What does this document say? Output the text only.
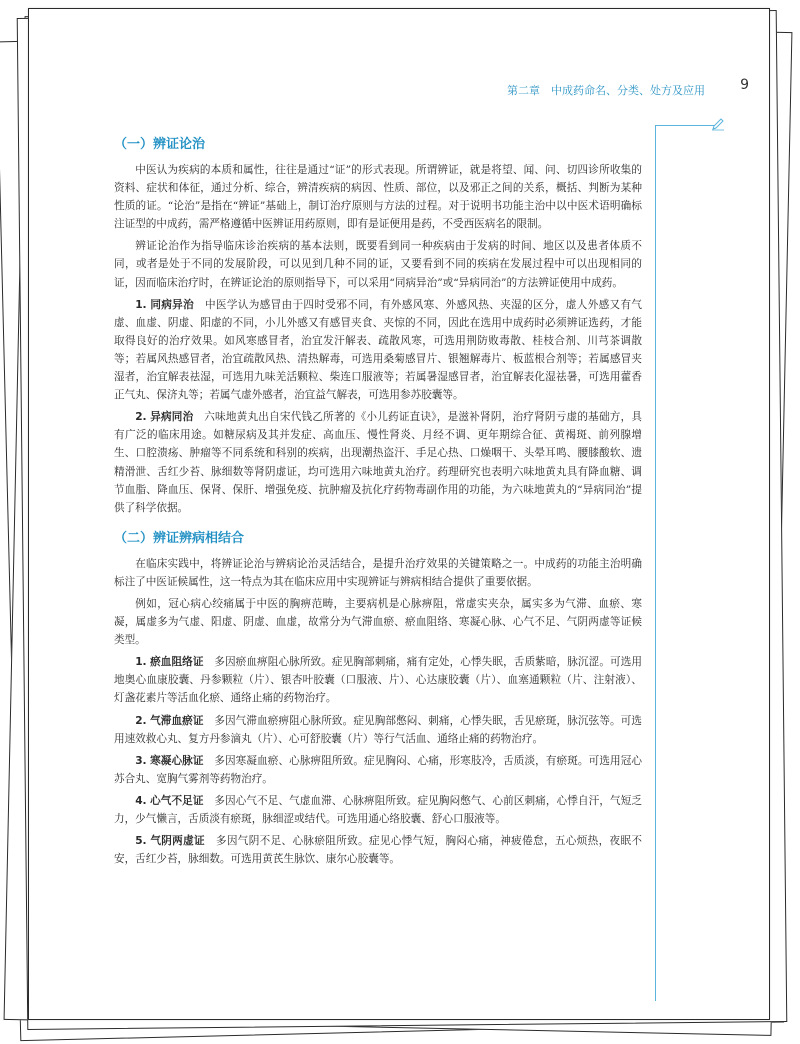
第二章　中成药命名、分类、处方及应用	9
（一）辨证论治

中医认为疾病的本质和属性，往往是通过“证”的形式表现。所谓辨证，就是将望、闻、问、切四诊所收集的资料、症状和体征，通过分析、综合，辨清疾病的病因、性质、部位，以及邪正之间的关系，概括、判断为某种性质的证。“论治”是指在“辨证”基础上，制订治疗原则与方法的过程。对于说明书功能主治中以中医术语明确标注证型的中成药，需严格遵循中医辨证用药原则，即有是证便用是药，不受西医病名的限制。

辨证论治作为指导临床诊治疾病的基本法则，既要看到同一种疾病由于发病的时间、地区以及患者体质不同，或者是处于不同的发展阶段，可以见到几种不同的证，又要看到不同的疾病在发展过程中可以出现相同的证，因而临床治疗时，在辨证论治的原则指导下，可以采用“同病异治”或“异病同治”的方法辨证使用中成药。

1. 同病异治　 中医学认为感冒由于四时受邪不同，有外感风寒、外感风热、夹湿的区分，虚人外感又有气虚、血虚、阴虚、阳虚的不同，小儿外感又有感冒夹食、夹惊的不同，因此在选用中成药时必须辨证选药，才能取得良好的治疗效果。如风寒感冒者，治宜发汗解表、疏散风寒，可选用荆防败毒散、桂枝合剂、川芎茶调散等；若属风热感冒者，治宜疏散风热、清热解毒，可选用桑菊感冒片、银翘解毒片、板蓝根合剂等；若属感冒夹湿者，治宜解表祛湿，可选用九味羌活颗粒、柴连口服液等；若属暑湿感冒者，治宜解表化湿祛暑，可选用藿香正气丸、保济丸等；若属气虚外感者，治宜益气解表，可选用参苏胶囊等。

2. 异病同治　 六味地黄丸出自宋代钱乙所著的《小儿药证直诀》，是滋补肾阴，治疗肾阴亏虚的基础方，具有广泛的临床用途。如糖尿病及其并发症、高血压、慢性肾炎、月经不调、更年期综合征、黄褐斑、前列腺增生、口腔溃疡、肿瘤等不同系统和科别的疾病，出现潮热盗汗、手足心热、口燥咽干、头晕耳鸣、腰膝酸软、遗精滑泄、舌红少苔、脉细数等肾阴虚证，均可选用六味地黄丸治疗。药理研究也表明六味地黄丸具有降血糖、调节血脂、降血压、保肾、保肝、增强免疫、抗肿瘤及抗化疗药物毒副作用的功能，为六味地黄丸的“异病同治”提供了科学依据。

（二）辨证辨病相结合

在临床实践中，将辨证论治与辨病论治灵活结合，是提升治疗效果的关键策略之一。中成药的功能主治明确标注了中医证候属性，这一特点为其在临床应用中实现辨证与辨病相结合提供了重要依据。

例如，冠心病心绞痛属于中医的胸痹范畴，主要病机是心脉痹阻，常虚实夹杂，属实多为气滞、血瘀、寒凝，属虚多为气虚、阳虚、阴虚、血虚，故常分为气滞血瘀、瘀血阻络、寒凝心脉、心气不足、气阴两虚等证候类型。

1. 瘀血阻络证　 多因瘀血痹阻心脉所致。症见胸部刺痛，痛有定处，心悸失眠，舌质紫暗，脉沉涩。可选用地奥心血康胶囊、丹参颗粒（片）、银杏叶胶囊（口服液、片）、心达康胶囊（片）、血塞通颗粒（片、注射液）、灯盏花素片等活血化瘀、通络止痛的药物治疗。

2. 气滞血瘀证　 多因气滞血瘀痹阻心脉所致。症见胸部憋闷、刺痛，心悸失眠，舌见瘀斑，脉沉弦等。可选用速效救心丸、复方丹参滴丸（片）、心可舒胶囊（片）等行气活血、通络止痛的药物治疗。

3. 寒凝心脉证　 多因寒凝血瘀、心脉痹阻所致。症见胸闷、心痛，形寒肢冷，舌质淡，有瘀斑。可选用冠心苏合丸、宽胸气雾剂等药物治疗。

4. 心气不足证　 多因心气不足、气虚血滞、心脉痹阻所致。症见胸闷憋气、心前区刺痛，心悸自汗，气短乏力，少气懒言，舌质淡有瘀斑，脉细涩或结代。可选用通心络胶囊、舒心口服液等。

5. 气阴两虚证　 多因气阴不足、心脉瘀阻所致。症见心悸气短，胸闷心痛，神疲倦怠，五心烦热，夜眠不安，舌红少苔，脉细数。可选用黄芪生脉饮、康尔心胶囊等。
